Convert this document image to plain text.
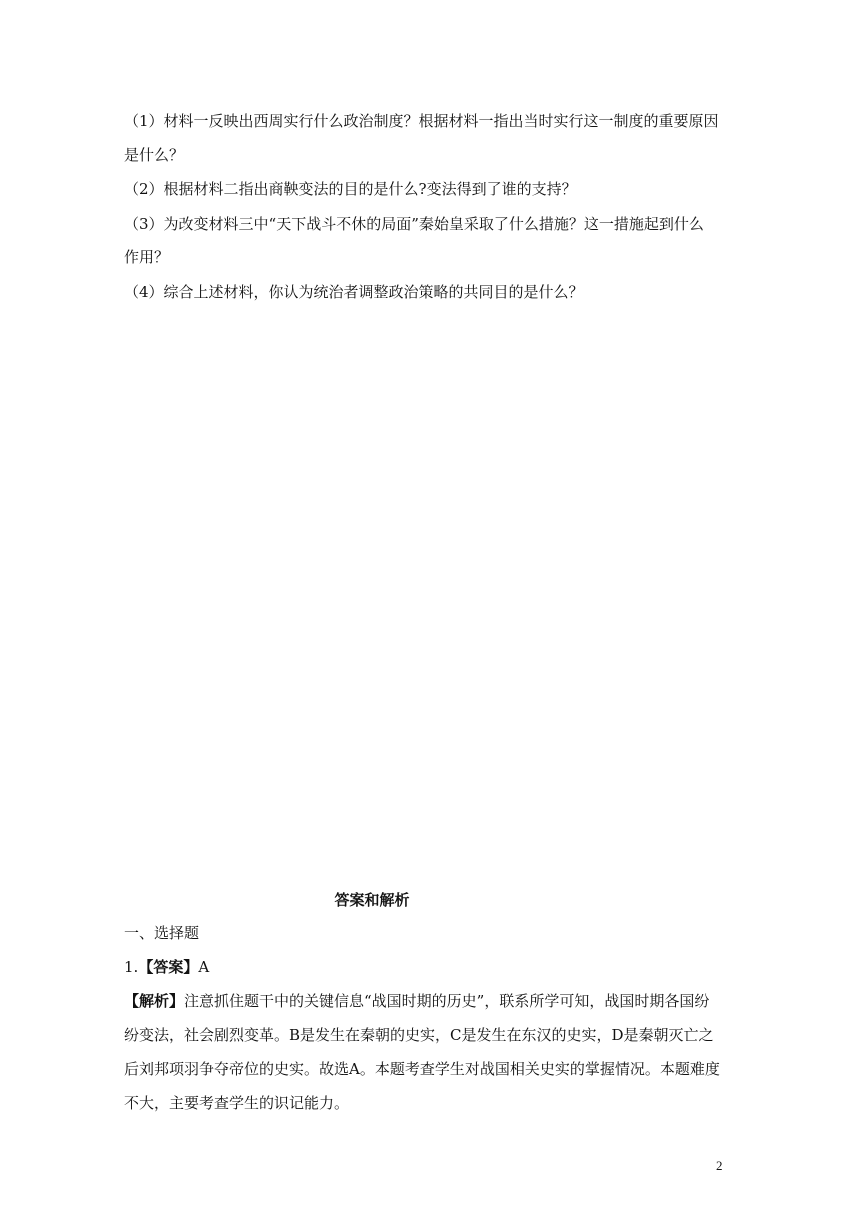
（1）材料一反映出西周实行什么政治制度？根据材料一指出当时实行这一制度的重要原因
是什么？
（2）根据材料二指出商鞅变法的目的是什么?变法得到了谁的支持？
（3）为改变材料三中“天下战斗不休的局面”秦始皇采取了什么措施？这一措施起到什么
作用？
（4）综合上述材料，你认为统治者调整政治策略的共同目的是什么？
答案和解析
一、选择题
1.【答案】A
【解析】注意抓住题干中的关键信息“战国时期的历史”，联系所学可知，战国时期各国纷
纷变法，社会剧烈变革。B是发生在秦朝的史实，C是发生在东汉的史实，D是秦朝灭亡之
后刘邦项羽争夺帝位的史实。故选A。本题考查学生对战国相关史实的掌握情况。本题难度
不大，主要考查学生的识记能力。
2
